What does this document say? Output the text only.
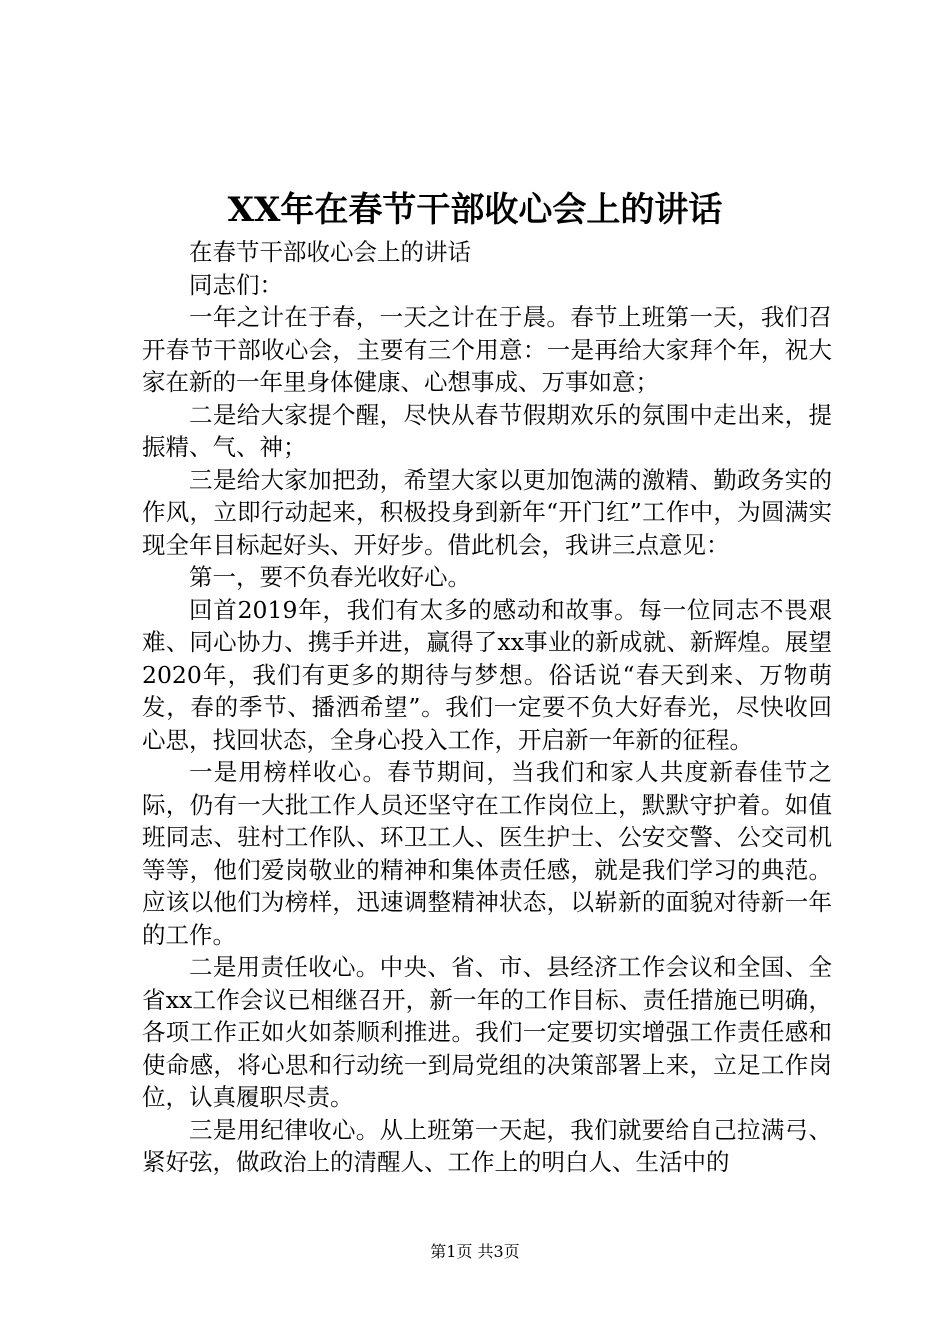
XX年在春节干部收心会上的讲话

在春节干部收心会上的讲话

同志们：

一年之计在于春，一天之计在于晨。春节上班第一天，我们召开春节干部收心会，主要有三个用意：一是再给大家拜个年，祝大家在新的一年里身体健康、心想事成、万事如意；

二是给大家提个醒，尽快从春节假期欢乐的氛围中走出来，提振精、气、神；

三是给大家加把劲，希望大家以更加饱满的激精、勤政务实的作风，立即行动起来，积极投身到新年“开门红”工作中，为圆满实现全年目标起好头、开好步。借此机会，我讲三点意见：

第一，要不负春光收好心。

回首2019年，我们有太多的感动和故事。每一位同志不畏艰难、同心协力、携手并进，赢得了xx事业的新成就、新辉煌。展望2020年，我们有更多的期待与梦想。俗话说“春天到来、万物萌发，春的季节、播洒希望”。我们一定要不负大好春光，尽快收回心思，找回状态，全身心投入工作，开启新一年新的征程。

一是用榜样收心。春节期间，当我们和家人共度新春佳节之际，仍有一大批工作人员还坚守在工作岗位上，默默守护着。如值班同志、驻村工作队、环卫工人、医生护士、公安交警、公交司机等等，他们爱岗敬业的精神和集体责任感，就是我们学习的典范。应该以他们为榜样，迅速调整精神状态，以崭新的面貌对待新一年的工作。

二是用责任收心。中央、省、市、县经济工作会议和全国、全省xx工作会议已相继召开，新一年的工作目标、责任措施已明确，各项工作正如火如荼顺利推进。我们一定要切实增强工作责任感和使命感，将心思和行动统一到局党组的决策部署上来，立足工作岗位，认真履职尽责。

三是用纪律收心。从上班第一天起，我们就要给自己拉满弓、紧好弦，做政治上的清醒人、工作上的明白人、生活中的

第1页 共3页
